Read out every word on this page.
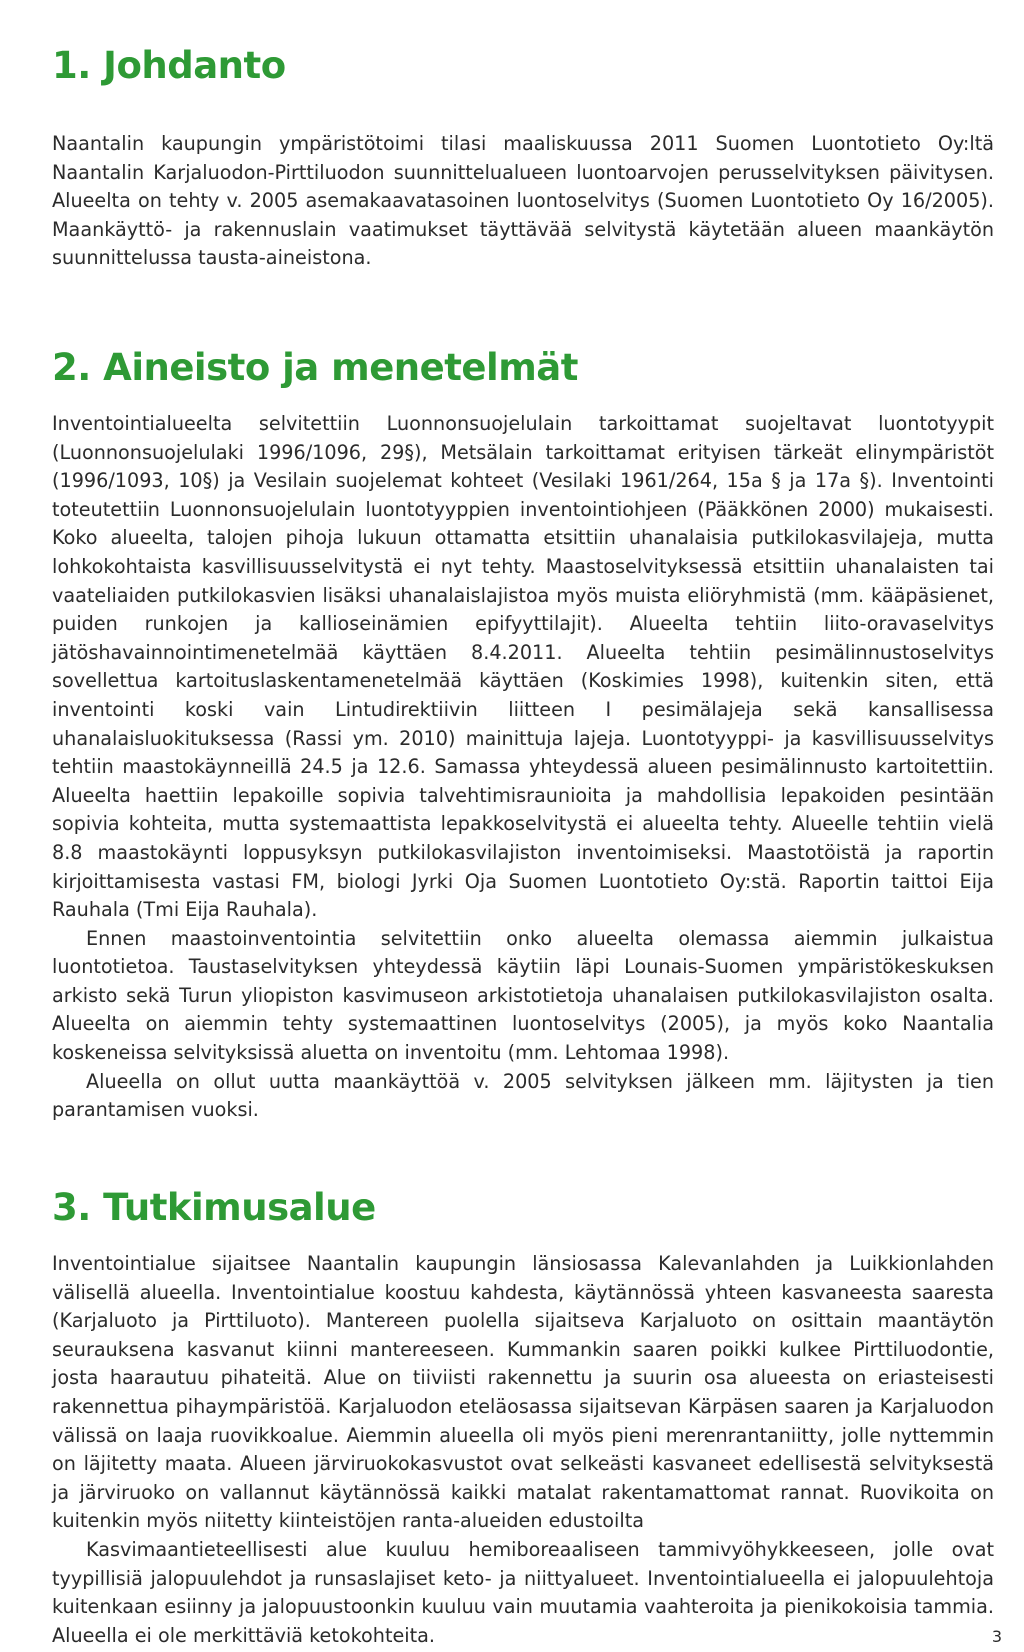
1. Johdanto

Naantalin kaupungin ympäristötoimi tilasi maaliskuussa 2011 Suomen Luontotieto Oy:ltä Naantalin Karjaluodon-Pirttiluodon suunnittelualueen luontoarvojen perusselvityksen päivitysen. Alueelta on tehty v. 2005 asemakaavatasoinen luontoselvitys (Suomen Luontotieto Oy 16/2005). Maankäyttö- ja rakennuslain vaatimukset täyttävää selvitystä käytetään alueen maankäytön suunnittelussa tausta-aineistona.

2. Aineisto ja menetelmät

Inventointialueelta selvitettiin Luonnonsuojelulain tarkoittamat suojeltavat luontotyypit (Luonnonsuojelulaki 1996/1096, 29§), Metsälain tarkoittamat erityisen tärkeät elinympäristöt (1996/1093, 10§) ja Vesilain suojelemat kohteet (Vesilaki 1961/264, 15a § ja 17a §). Inventointi toteutettiin Luonnonsuojelulain luontotyyppien inventointiohjeen (Pääkkönen 2000) mukaisesti. Koko alueelta, talojen pihoja lukuun ottamatta etsittiin uhanalaisia putkilokasvilajeja, mutta lohkokohtaista kasvillisuusselvitystä ei nyt tehty. Maastoselvityksessä etsittiin uhanalaisten tai vaateliaiden putkilokasvien lisäksi uhanalaislajistoa myös muista eliöryhmistä (mm. kääpäsienet, puiden runkojen ja kallioseinämien epifyyttilajit). Alueelta tehtiin liito-oravaselvitys jätöshavainnointimenetelmää käyttäen 8.4.2011. Alueelta tehtiin pesimälinnustoselvitys sovellettua kartoituslaskentamenetelmää käyttäen (Koskimies 1998), kuitenkin siten, että inventointi koski vain Lintudirektiivin liitteen I pesimälajeja sekä kansallisessa uhanalaisluokituksessa (Rassi ym. 2010) mainittuja lajeja. Luontotyyppi- ja kasvillisuusselvitys tehtiin maastokäynneillä 24.5 ja 12.6. Samassa yhteydessä alueen pesimälinnusto kartoitettiin. Alueelta haettiin lepakoille sopivia talvehtimisraunioita ja mahdollisia lepakoiden pesintään sopivia kohteita, mutta systemaattista lepakkoselvitystä ei alueelta tehty. Alueelle tehtiin vielä 8.8 maastokäynti loppusyksyn putkilokasvilajiston inventoimiseksi. Maastotöistä ja raportin kirjoittamisesta vastasi FM, biologi Jyrki Oja Suomen Luontotieto Oy:stä. Raportin taittoi Eija Rauhala (Tmi Eija Rauhala).

Ennen maastoinventointia selvitettiin onko alueelta olemassa aiemmin julkaistua luontotietoa. Taustaselvityksen yhteydessä käytiin läpi Lounais-Suomen ympäristökeskuksen arkisto sekä Turun yliopiston kasvimuseon arkistotietoja uhanalaisen putkilokasvilajiston osalta. Alueelta on aiemmin tehty systemaattinen luontoselvitys (2005), ja myös koko Naantalia koskeneissa selvityksissä aluetta on inventoitu (mm. Lehtomaa 1998).

Alueella on ollut uutta maankäyttöä v. 2005 selvityksen jälkeen mm. läjitysten ja tien parantamisen vuoksi.

3. Tutkimusalue

Inventointialue sijaitsee Naantalin kaupungin länsiosassa Kalevanlahden ja Luikkionlahden välisellä alueella. Inventointialue koostuu kahdesta, käytännössä yhteen kasvaneesta saaresta (Karjaluoto ja Pirttiluoto). Mantereen puolella sijaitseva Karjaluoto on osittain maantäytön seurauksena kasvanut kiinni mantereeseen. Kummankin saaren poikki kulkee Pirttiluodontie, josta haarautuu pihateitä. Alue on tiiviisti rakennettu ja suurin osa alueesta on eriasteisesti rakennettua pihaympäristöä. Karjaluodon eteläosassa sijaitsevan Kärpäsen saaren ja Karjaluodon välissä on laaja ruovikkoalue. Aiemmin alueella oli myös pieni merenrantaniitty, jolle nyttemmin on läjitetty maata. Alueen järviruokokasvustot ovat selkeästi kasvaneet edellisestä selvityksestä ja järviruoko on vallannut käytännössä kaikki matalat rakentamattomat rannat. Ruovikoita on kuitenkin myös niitetty kiinteistöjen ranta-alueiden edustoilta

Kasvimaantieteellisesti alue kuuluu hemiboreaaliseen tammivyöhykkeeseen, jolle ovat tyypillisiä jalopuulehdot ja runsaslajiset keto- ja niittyalueet. Inventointialueella ei jalopuulehtoja kuitenkaan esiinny ja jalopuustoonkin kuuluu vain muutamia vaahteroita ja pienikokoisia tammia. Alueella ei ole merkittäviä ketokohteita.	3
